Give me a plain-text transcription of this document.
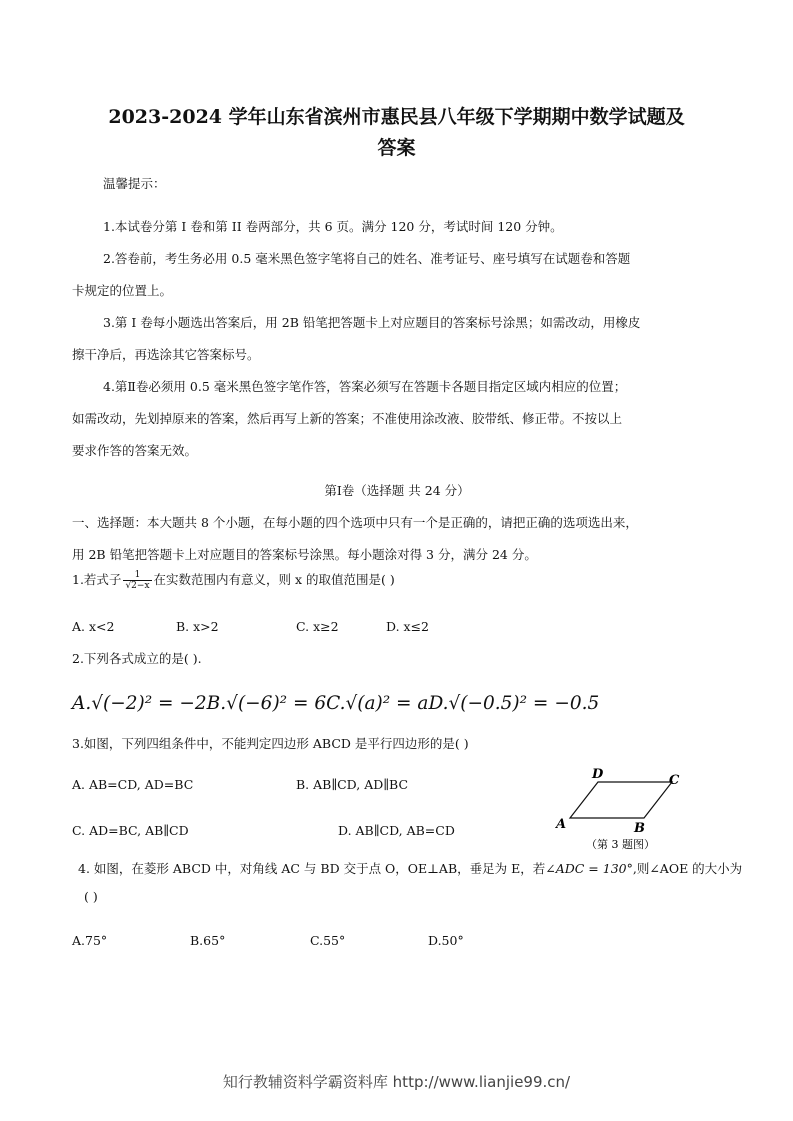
2023-2024 学年山东省滨州市惠民县八年级下学期期中数学试题及
答案
温馨提示：
1.本试卷分第 I 卷和第 II 卷两部分，共 6 页。满分 120 分，考试时间 120 分钟。
2.答卷前，考生务必用 0.5 毫米黑色签字笔将自己的姓名、准考证号、座号填写在试题卷和答题
卡规定的位置上。
3.第 I 卷每小题选出答案后，用 2B 铅笔把答题卡上对应题目的答案标号涂黑；如需改动，用橡皮
擦干净后，再选涂其它答案标号。
4.第Ⅱ卷必须用 0.5 毫米黑色签字笔作答，答案必须写在答题卡各题目指定区域内相应的位置；
如需改动，先划掉原来的答案，然后再写上新的答案；不准使用涂改液、胶带纸、修正带。不按以上
要求作答的答案无效。
第Ⅰ卷（选择题 共 24 分）
一、选择题：本大题共 8 个小题，在每小题的四个选项中只有一个是正确的，请把正确的选项选出来，
用 2B 铅笔把答题卡上对应题目的答案标号涂黑。每小题涂对得 3 分，满分 24 分。
1.若式子 $\frac{1}{√2-x}$ 在实数范围内有意义，则 x 的取值范围是( )
A. x<2	B. x>2	C. x≥2	D. x≤2
2.下列各式成立的是( ).
A.√(−2)² = −2B.√(−6)² = 6C.√(a)² = aD.√(−0.5)² = −0.5
3.如图，下列四组条件中，不能判定四边形 ABCD 是平行四边形的是( )
A. AB=CD, AD=BC	B. AB∥CD, AD∥BC
C. AD=BC, AB∥CD	D. AB∥CD, AB=CD
D	C
A	B
（第 3 题图）
4. 如图，在菱形 ABCD 中，对角线 AC 与 BD 交于点 O，OE⊥AB，垂足为 E，若∠ADC = 130°,则∠AOE 的大小为
( )
A.75°	B.65°	C.55°	D.50°
知行教辅资料学霸资料库 http://www.lianjie99.cn/
